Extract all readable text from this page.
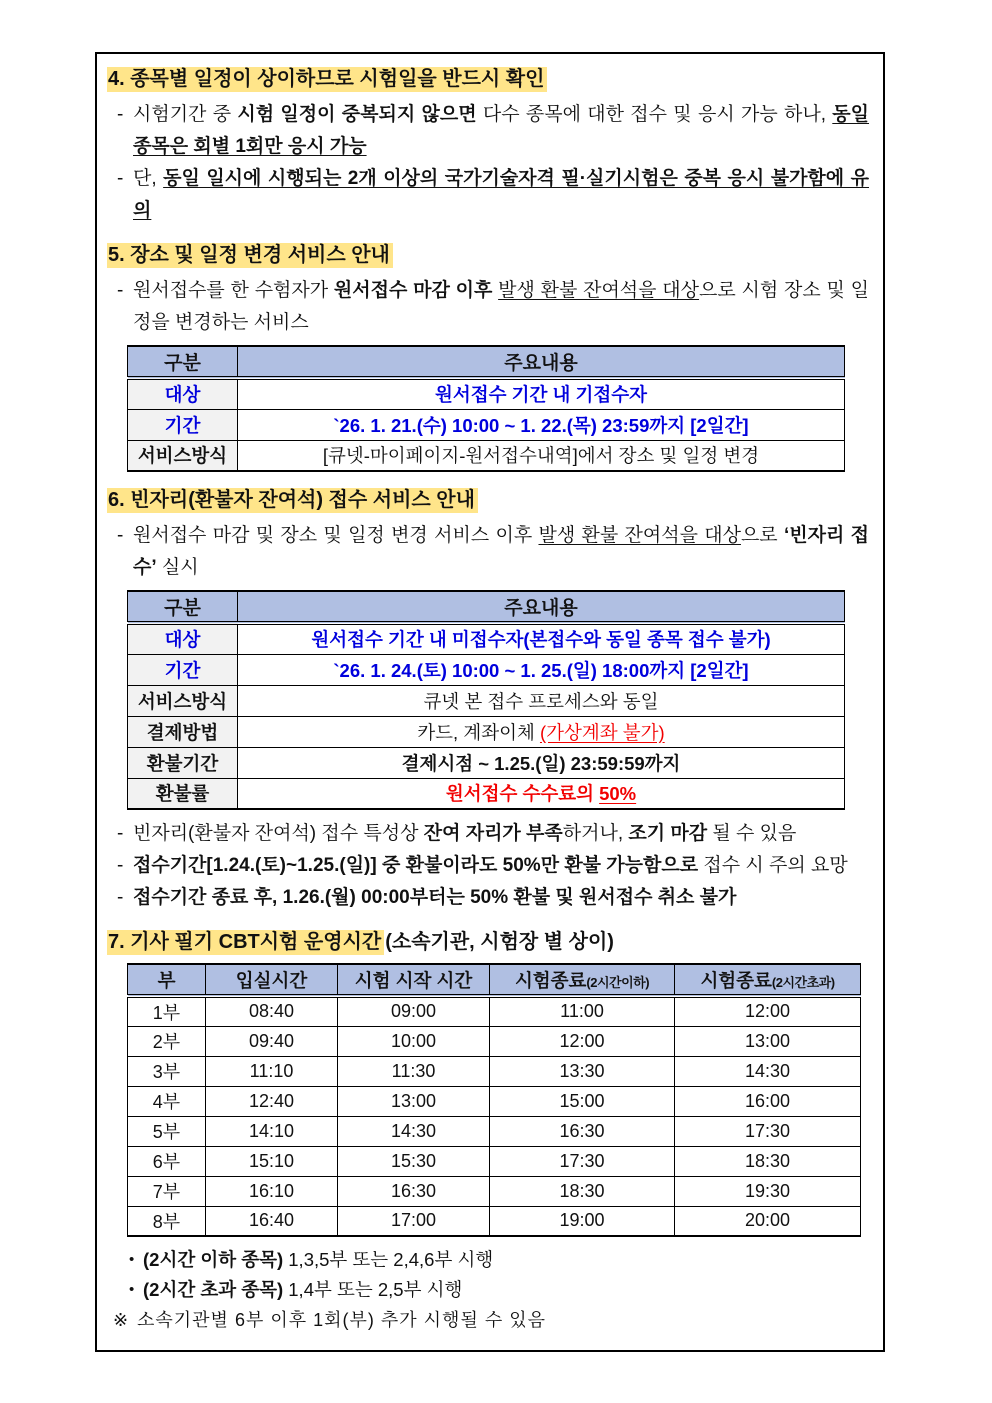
4. 종목별 일정이 상이하므로 시험일을 반드시 확인
- 시험기간 중 시험 일정이 중복되지 않으면 다수 종목에 대한 접수 및 응시 가능 하나, 동일 종목은 회별 1회만 응시 가능
- 단, 동일 일시에 시행되는 2개 이상의 국가기술자격 필·실기시험은 중복 응시 불가함에 유의
5. 장소 및 일정 변경 서비스 안내
- 원서접수를 한 수험자가 원서접수 마감 이후 발생 환불 잔여석을 대상으로 시험 장소 및 일정을 변경하는 서비스
구분	주요내용
대상	원서접수 기간 내 기접수자
기간	`26. 1. 21.(수) 10:00 ~ 1. 22.(목) 23:59까지 [2일간]
서비스방식	[큐넷-마이페이지-원서접수내역]에서 장소 및 일정 변경
6. 빈자리(환불자 잔여석) 접수 서비스 안내
- 원서접수 마감 및 장소 및 일정 변경 서비스 이후 발생 환불 잔여석을 대상으로 ‘빈자리 접수’ 실시
구분	주요내용
대상	원서접수 기간 내 미접수자(본접수와 동일 종목 접수 불가)
기간	`26. 1. 24.(토) 10:00 ~ 1. 25.(일) 18:00까지 [2일간]
서비스방식	큐넷 본 접수 프로세스와 동일
결제방법	카드, 계좌이체 (가상계좌 불가)
환불기간	결제시점 ~ 1.25.(일) 23:59:59까지
환불률	원서접수 수수료의 50%
- 빈자리(환불자 잔여석) 접수 특성상 잔여 자리가 부족하거나, 조기 마감 될 수 있음
- 접수기간[1.24.(토)~1.25.(일)] 중 환불이라도 50%만 환불 가능함으로 접수 시 주의 요망
- 접수기간 종료 후, 1.26.(월) 00:00부터는 50% 환불 및 원서접수 취소 불가
7. 기사 필기 CBT시험 운영시간 (소속기관, 시험장 별 상이)
부	입실시간	시험 시작 시간	시험종료(2시간이하)	시험종료(2시간초과)
1부	08:40	09:00	11:00	12:00
2부	09:40	10:00	12:00	13:00
3부	11:10	11:30	13:30	14:30
4부	12:40	13:00	15:00	16:00
5부	14:10	14:30	16:30	17:30
6부	15:10	15:30	17:30	18:30
7부	16:10	16:30	18:30	19:30
8부	16:40	17:00	19:00	20:00
• (2시간 이하 종목) 1,3,5부 또는 2,4,6부 시행
• (2시간 초과 종목) 1,4부 또는 2,5부 시행
※ 소속기관별 6부 이후 1회(부) 추가 시행될 수 있음
